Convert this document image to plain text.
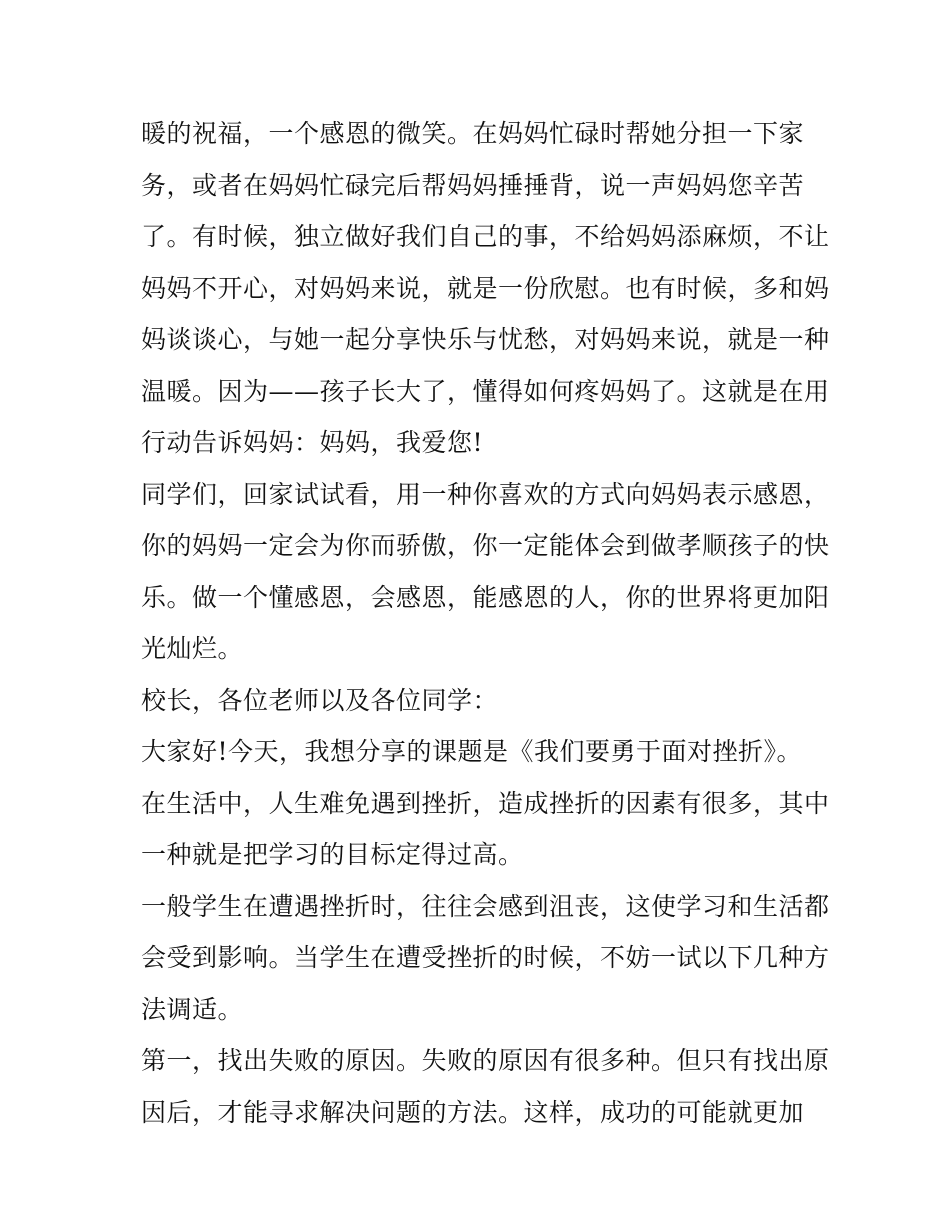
暖的祝福，一个感恩的微笑。在妈妈忙碌时帮她分担一下家
务，或者在妈妈忙碌完后帮妈妈捶捶背，说一声妈妈您辛苦
了。有时候，独立做好我们自己的事，不给妈妈添麻烦，不让
妈妈不开心，对妈妈来说，就是一份欣慰。也有时候，多和妈
妈谈谈心，与她一起分享快乐与忧愁，对妈妈来说，就是一种
温暖。因为——孩子长大了，懂得如何疼妈妈了。这就是在用
行动告诉妈妈：妈妈，我爱您!
同学们，回家试试看，用一种你喜欢的方式向妈妈表示感恩，
你的妈妈一定会为你而骄傲，你一定能体会到做孝顺孩子的快
乐。做一个懂感恩，会感恩，能感恩的人，你的世界将更加阳
光灿烂。
校长，各位老师以及各位同学：
大家好!今天，我想分享的课题是《我们要勇于面对挫折》。
在生活中，人生难免遇到挫折，造成挫折的因素有很多，其中
一种就是把学习的目标定得过高。
一般学生在遭遇挫折时，往往会感到沮丧，这使学习和生活都
会受到影响。当学生在遭受挫折的时候，不妨一试以下几种方
法调适。
第一，找出失败的原因。失败的原因有很多种。但只有找出原
因后，才能寻求解决问题的方法。这样，成功的可能就更加
